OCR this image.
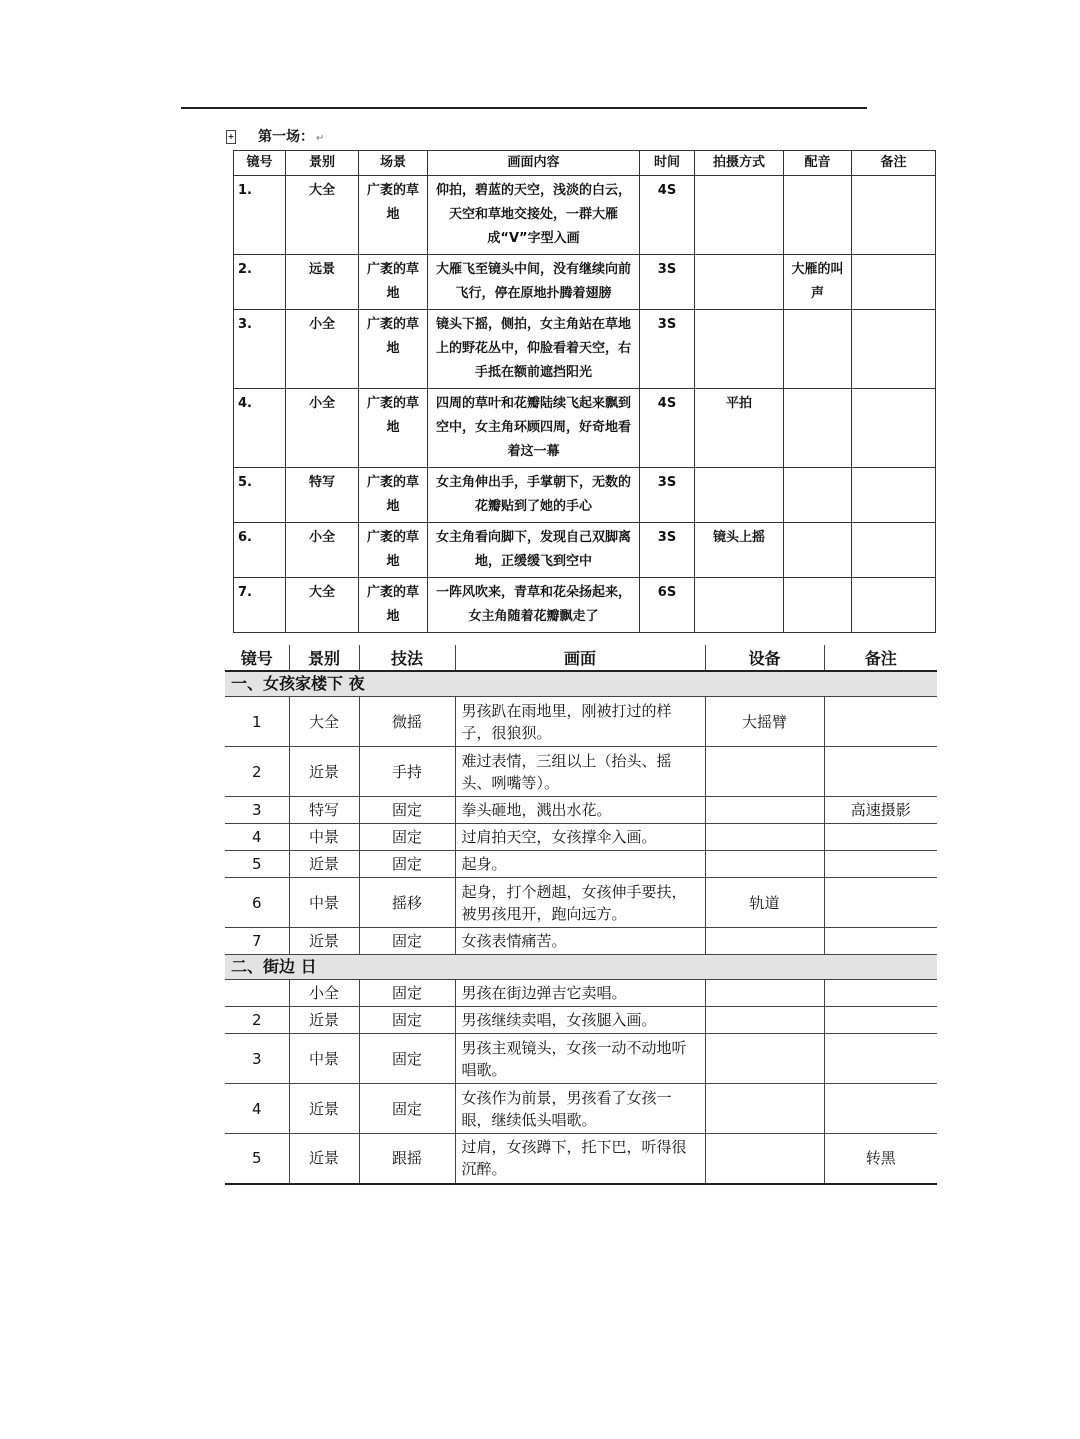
+ 第一场： ↵
镜号	景别	场景	画面内容	时间	拍摄方式	配音	备注
1.	大全	广袤的草地	仰拍，碧蓝的天空，浅淡的白云，天空和草地交接处，一群大雁成“V”字型入画	4S			
2.	远景	广袤的草地	大雁飞至镜头中间，没有继续向前飞行，停在原地扑腾着翅膀	3S		大雁的叫声	
3.	小全	广袤的草地	镜头下摇，侧拍，女主角站在草地上的野花丛中，仰脸看着天空，右手抵在额前遮挡阳光	3S			
4.	小全	广袤的草地	四周的草叶和花瓣陆续飞起来飘到空中，女主角环顾四周，好奇地看着这一幕	4S	平拍		
5.	特写	广袤的草地	女主角伸出手，手掌朝下，无数的花瓣贴到了她的手心	3S			
6.	小全	广袤的草地	女主角看向脚下，发现自己双脚离地，正缓缓飞到空中	3S	镜头上摇		
7.	大全	广袤的草地	一阵风吹来，青草和花朵扬起来，女主角随着花瓣飘走了	6S			
镜号	景别	技法	画面	设备	备注
一、女孩家楼下 夜					
1	大全	微摇	男孩趴在雨地里，刚被打过的样子，很狼狈。	大摇臂	
2	近景	手持	难过表情，三组以上（抬头、摇头、咧嘴等）。		
3	特写	固定	拳头砸地，溅出水花。		高速摄影
4	中景	固定	过肩拍天空，女孩撑伞入画。		
5	近景	固定	起身。		
6	中景	摇移	起身，打个趔趄，女孩伸手要扶，被男孩甩开，跑向远方。	轨道	
7	近景	固定	女孩表情痛苦。		
二、街边 日					
	小全	固定	男孩在街边弹吉它卖唱。		
2	近景	固定	男孩继续卖唱，女孩腿入画。		
3	中景	固定	男孩主观镜头，女孩一动不动地听唱歌。		
4	近景	固定	女孩作为前景，男孩看了女孩一眼，继续低头唱歌。		
5	近景	跟摇	过肩，女孩蹲下，托下巴，听得很沉醉。		转黑
